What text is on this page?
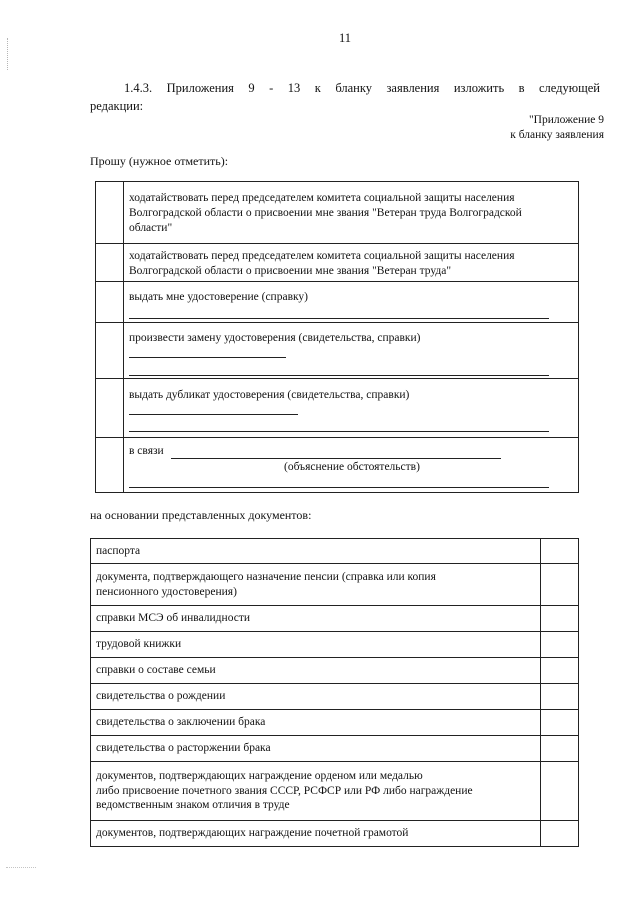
11
1.4.3. Приложения 9 - 13 к бланку заявления изложить в следующей
редакции:
"Приложение 9
к бланку заявления
Прошу (нужное отметить):

	ходатайствовать перед председателем комитета социальной защиты населения
Волгоградской области о присвоении мне звания "Ветеран труда Волгоградской
области"

	ходатайствовать перед председателем комитета социальной защиты населения
Волгоградской области о присвоении мне звания "Ветеран труда"

	выдать мне удостоверение (справку)

	произвести замену удостоверения (свидетельства, справки)

	выдать дубликат удостоверения (свидетельства, справки)

	в связи
(объяснение обстоятельств)
на основании представленных документов:
паспорта	

документа, подтверждающего назначение пенсии (справка или копия
пенсионного удостоверения)	

справки МСЭ об инвалидности	

трудовой книжки	

справки о составе семьи	

свидетельства о рождении	

свидетельства о заключении брака	

свидетельства о расторжении брака	

документов, подтверждающих награждение орденом или медалью
либо присвоение почетного звания СССР, РСФСР или РФ либо награждение
ведомственным знаком отличия в труде	

документов, подтверждающих награждение почетной грамотой	
